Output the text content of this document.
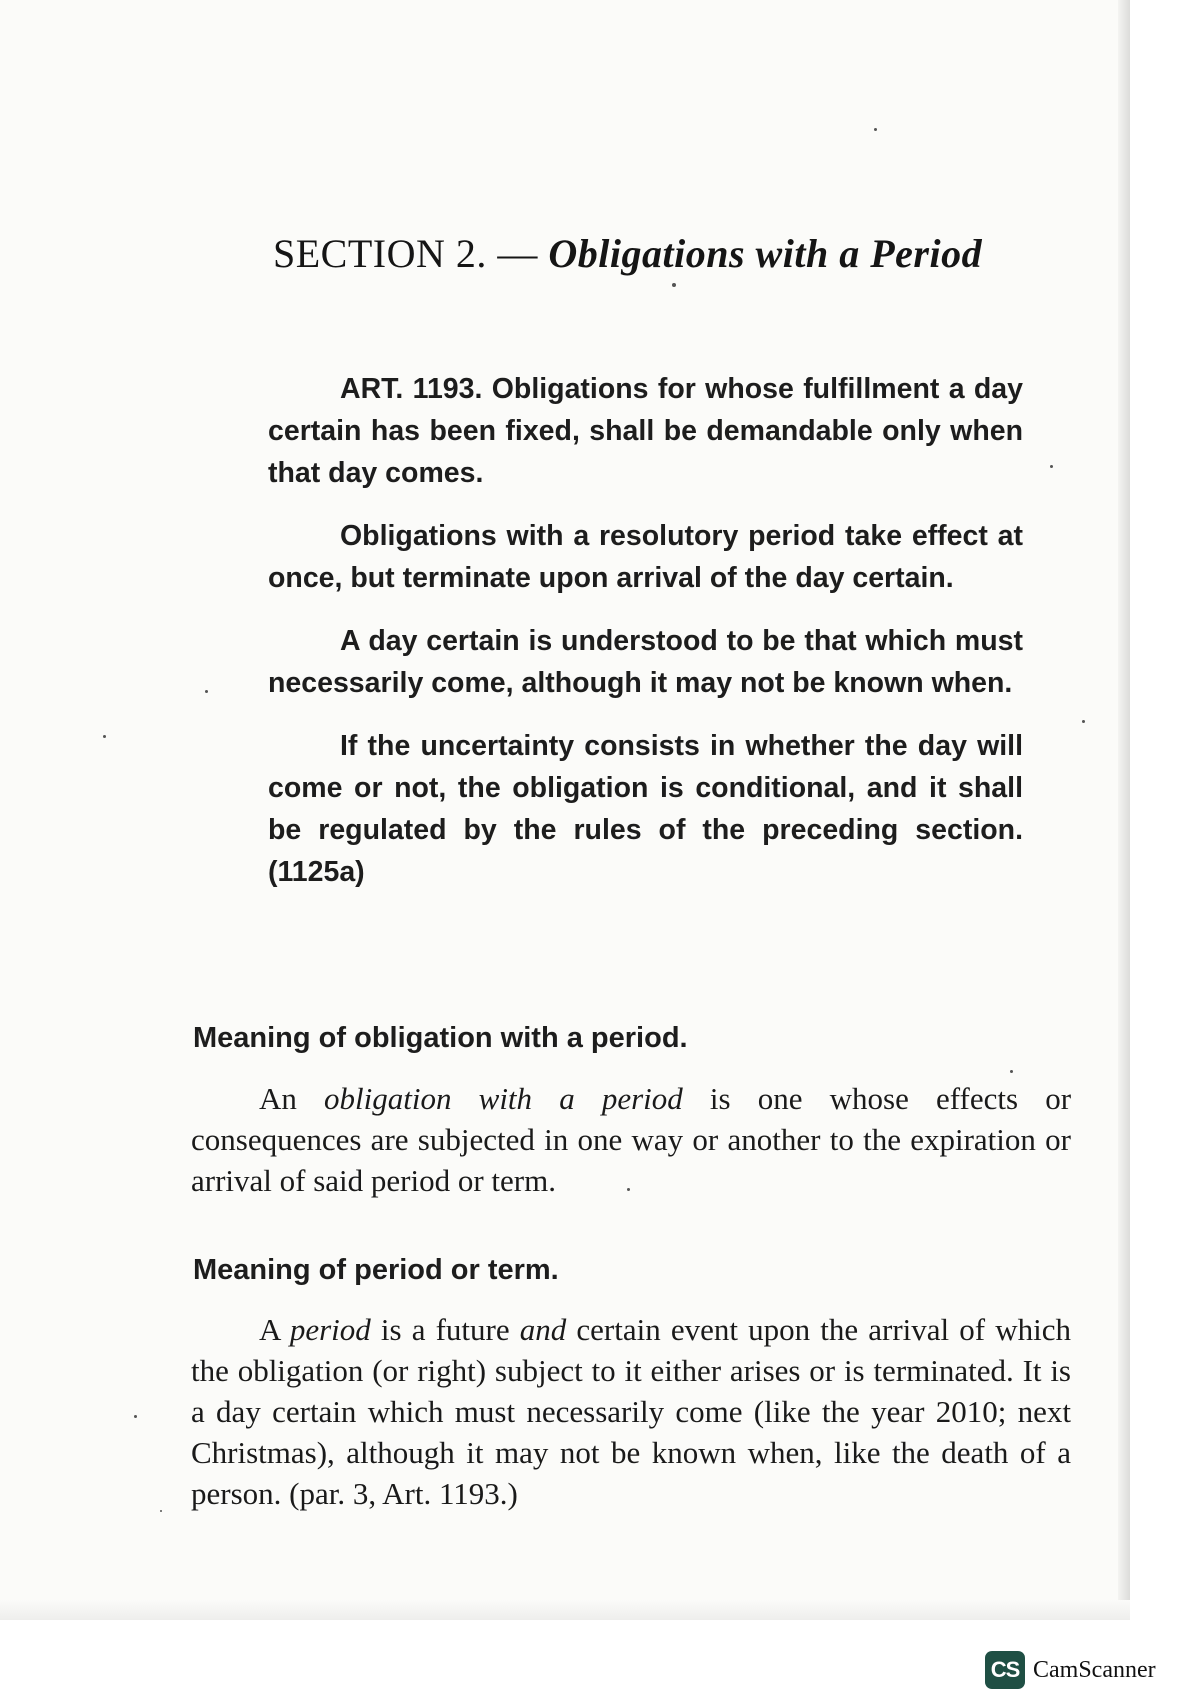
SECTION 2. — Obligations with a Period

ART. 1193. Obligations for whose fulfillment a day certain has been fixed, shall be demandable only when that day comes.

Obligations with a resolutory period take effect at once, but terminate upon arrival of the day certain.

A day certain is understood to be that which must necessarily come, although it may not be known when.

If the uncertainty consists in whether the day will come or not, the obligation is conditional, and it shall be regulated by the rules of the preceding section. (1125a)

Meaning of obligation with a period.

An obligation with a period is one whose effects or consequences are subjected in one way or another to the expiration or arrival of said period or term.

Meaning of period or term.

A period is a future and certain event upon the arrival of which the obligation (or right) subject to it either arises or is terminated. It is a day certain which must necessarily come (like the year 2010; next Christmas), although it may not be known when, like the death of a person. (par. 3, Art. 1193.)

CS CamScanner
